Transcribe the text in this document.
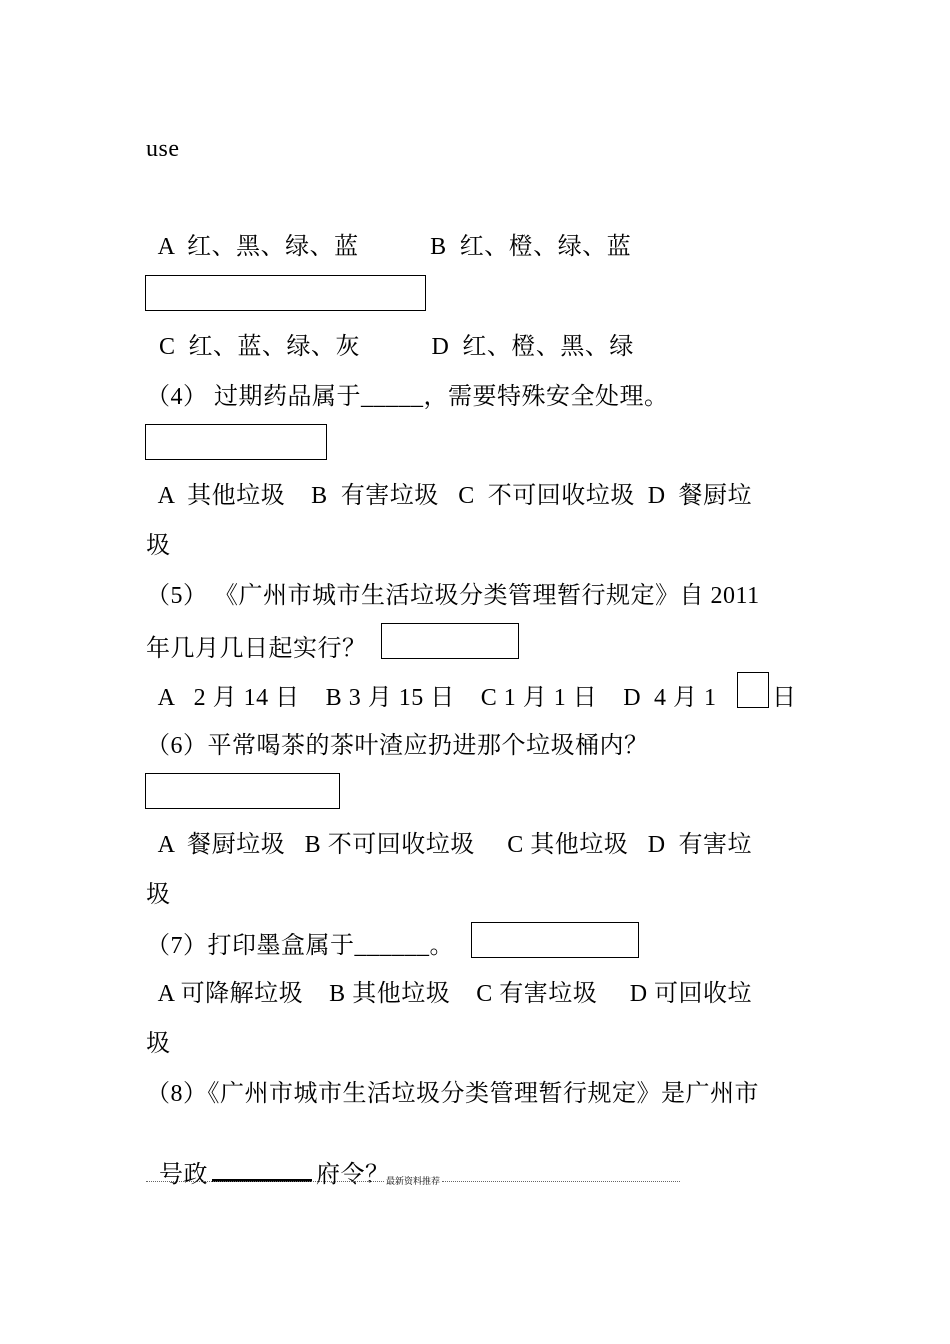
use
A  红、黑、绿、蓝           B  红、橙、绿、蓝
C  红、蓝、绿、灰           D  红、橙、黑、绿
（4） 过期药品属于_____，需要特殊安全处理。
A  其他垃圾    B  有害垃圾   C  不可回收垃圾  D  餐厨垃
圾
（5） 《广州市城市生活垃圾分类管理暂行规定》自 2011
年几月几日起实行？
A   2 月 14 日    B 3 月 15 日    C 1 月 1 日    D  4 月 1 日
（6）平常喝茶的茶叶渣应扔进那个垃圾桶内？
A  餐厨垃圾   B 不可回收垃圾     C 其他垃圾   D  有害垃
圾
（7）打印墨盒属于______。
A 可降解垃圾    B 其他垃圾    C 有害垃圾     D 可回收垃
圾
（8）《广州市城市生活垃圾分类管理暂行规定》是广州市

号政	府令？

最新资料推荐
